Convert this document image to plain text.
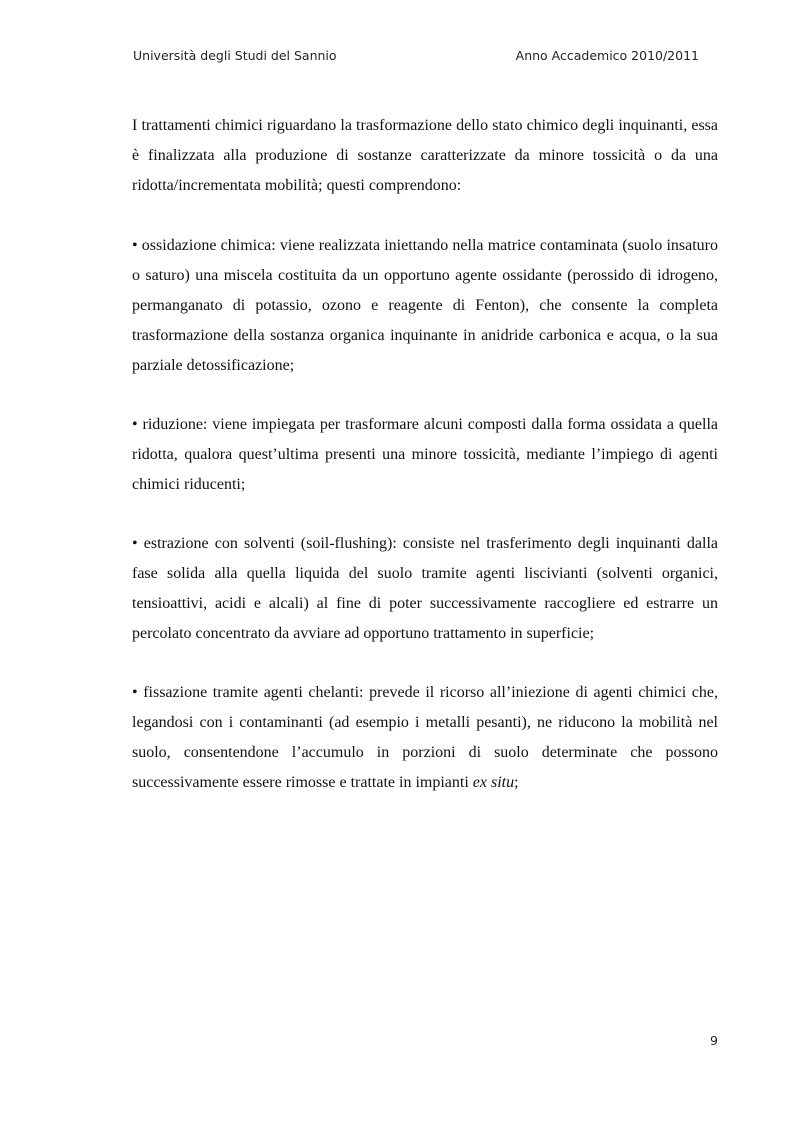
Università degli Studi del Sannio	Anno Accademico 2010/2011

I trattamenti chimici riguardano la trasformazione dello stato chimico degli inquinanti, essa è finalizzata alla produzione di sostanze caratterizzate da minore tossicità o da una ridotta/incrementata mobilità; questi comprendono:

• ossidazione chimica: viene realizzata iniettando nella matrice contaminata (suolo insaturo o saturo) una miscela costituita da un opportuno agente ossidante (perossido di idrogeno, permanganato di potassio, ozono e reagente di Fenton), che consente la completa trasformazione della sostanza organica inquinante in anidride carbonica e acqua, o la sua parziale detossificazione;

• riduzione: viene impiegata per trasformare alcuni composti dalla forma ossidata a quella ridotta, qualora quest’ultima presenti una minore tossicità, mediante l’impiego di agenti chimici riducenti;

• estrazione con solventi (soil-flushing): consiste nel trasferimento degli inquinanti dalla fase solida alla quella liquida del suolo tramite agenti liscivianti (solventi organici, tensioattivi, acidi e alcali) al fine di poter successivamente raccogliere ed estrarre un percolato concentrato da avviare ad opportuno trattamento in superficie;

• fissazione tramite agenti chelanti: prevede il ricorso all’iniezione di agenti chimici che, legandosi con i contaminanti (ad esempio i metalli pesanti), ne riducono la mobilità nel suolo, consentendone l’accumulo in porzioni di suolo determinate che possono successivamente essere rimosse e trattate in impianti ex situ;

9
